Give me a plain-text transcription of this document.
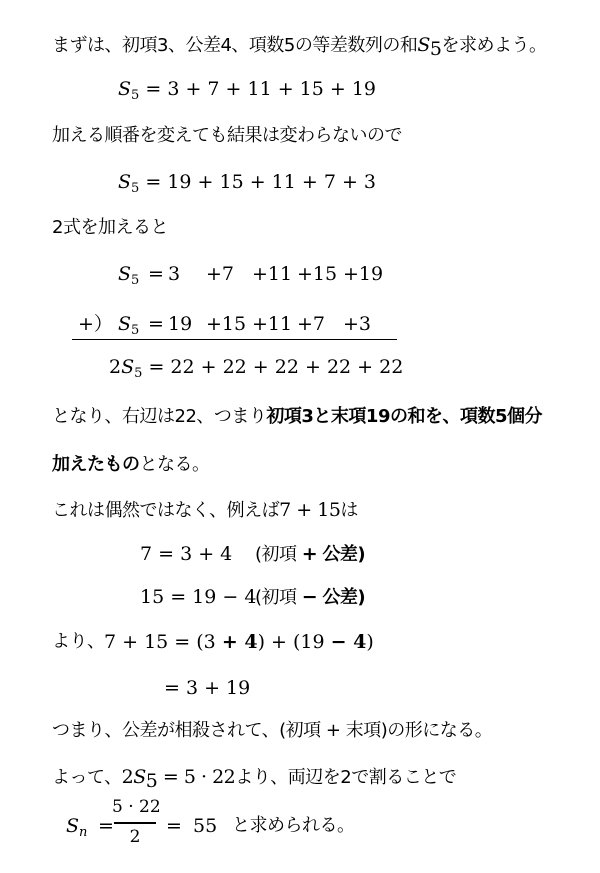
まずは、初項3、公差4、項数5の等差数列の和$S_5$を求めよう。
$S_5 = 3 + 7 + 11 + 15 + 19$
加える順番を変えても結果は変わらないので
$S_5 = 19 + 15 + 11 + 7 + 3$
2式を加えると
$S_5 = 3 +7 +11 +15 +19$
+） $S_5 = 19 +15 +11 +7 +3$
$2S_5 = 22 + 22 + 22 + 22 + 22$
となり、右辺は22、つまり初項3と末項19の和を、項数5個分
加えたものとなる。
これは偶然ではなく、例えば7 + 15は
7 = 3 + 4 (初項 + 公差)
15 = 19 − 4
(初項 − 公差)
より、 7 + 15 = (3 + 4) + (19 − 4)
= 3 + 19
つまり、公差が相殺されて、(初項 + 末項)の形になる。
よって、$2S_5 = 5 \cdot 22$より、両辺を2で割ることで
$S_n$ =
5 · 22
2	= 55 と求められる。
